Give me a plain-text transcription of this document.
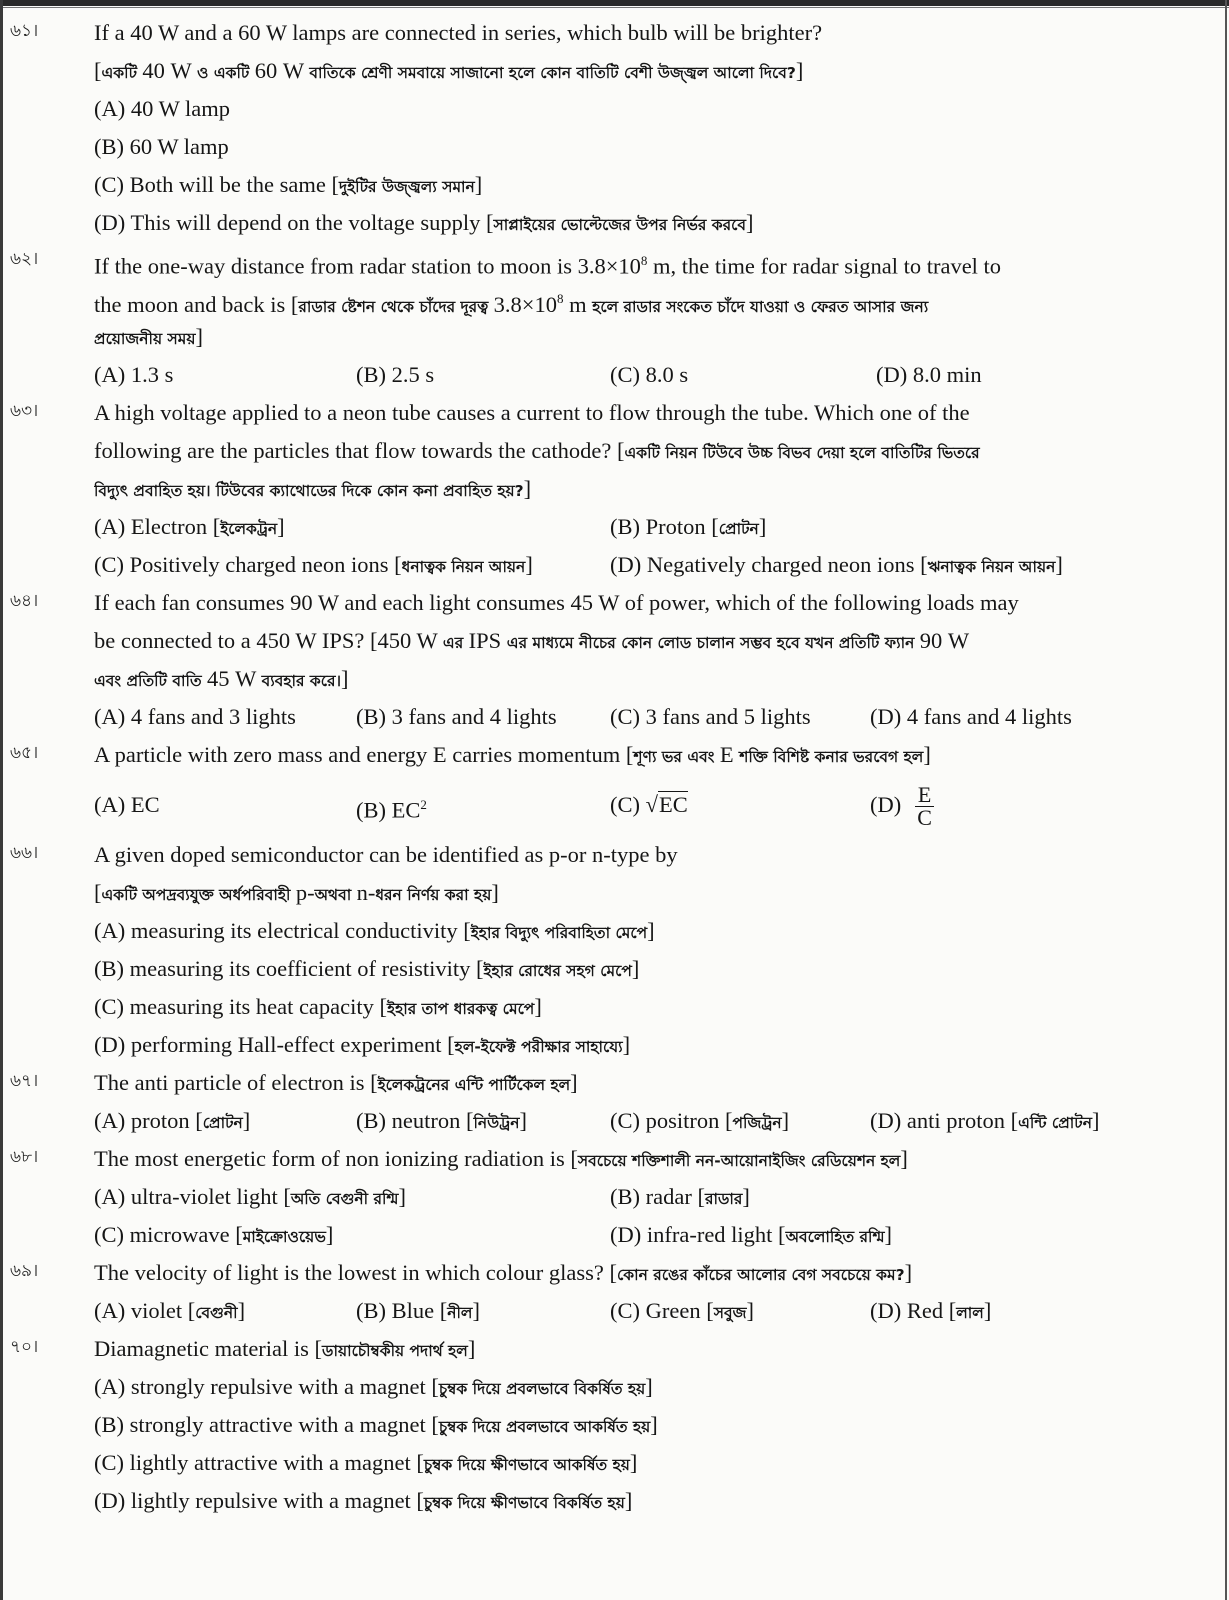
৬১।	If a 40 W and a 60 W lamps are connected in series, which bulb will be brighter?
[একটি 40 W ও একটি 60 W বাতিকে শ্রেণী সমবায়ে সাজানো হলে কোন বাতিটি বেশী উজ্জ্বল আলো দিবে?]
(A) 40 W lamp
(B) 60 W lamp
(C) Both will be the same [দুইটির উজ্জ্বল্য সমান]
(D) This will depend on the voltage supply [সাপ্লাইয়ের ভোল্টেজের উপর নির্ভর করবে]
৬২।	If the one-way distance from radar station to moon is $3.8\times 10^8$ m, the time for radar signal to travel to
the moon and back is [রাডার ষ্টেশন থেকে চাঁদের দূরত্ব $3.8\times 10^8$ m হলে রাডার সংকেত চাঁদে যাওয়া ও ফেরত আসার জন্য
প্রয়োজনীয় সময়]
(A) 1.3 s	(B) 2.5 s	(C) 8.0 s	(D) 8.0 min
৬৩।	A high voltage applied to a neon tube causes a current to flow through the tube. Which one of the
following are the particles that flow towards the cathode? [একটি নিয়ন টিউবে উচ্চ বিভব দেয়া হলে বাতিটির ভিতরে
বিদ্যুৎ প্রবাহিত হয়। টিউবের ক্যাথোডের দিকে কোন কনা প্রবাহিত হয়?]
(A) Electron [ইলেকট্রন]	(B) Proton [প্রোটন]
(C) Positively charged neon ions [ধনাত্বক নিয়ন আয়ন]	(D) Negatively charged neon ions [ঋনাত্বক নিয়ন আয়ন]
৬৪।	If each fan consumes 90 W and each light consumes 45 W of power, which of the following loads may
be connected to a 450 W IPS? [450 W এর IPS এর মাধ্যমে নীচের কোন লোড চালান সম্ভব হবে যখন প্রতিটি ফ্যান 90 W
এবং প্রতিটি বাতি 45 W ব্যবহার করে।]
(A) 4 fans and 3 lights	(B) 3 fans and 4 lights (C) 3 fans and 5 lights	(D) 4 fans and 4 lights
৬৫।	A particle with zero mass and energy E carries momentum [শূণ্য ভর এবং E শক্তি বিশিষ্ট কনার ভরবেগ হল]
(A) EC	(B) $EC^2$	(C) √EC	$(D) \frac{E}{C}$
৬৬।	A given doped semiconductor can be identified as p-or n-type by
[একটি অপদ্রব্যযুক্ত অর্ধপরিবাহী p-অথবা n-ধরন নির্ণয় করা হয়]
(A) measuring its electrical conductivity [ইহার বিদ্যুৎ পরিবাহিতা মেপে]
(B) measuring its coefficient of resistivity [ইহার রোধের সহগ মেপে]
(C) measuring its heat capacity [ইহার তাপ ধারকত্ব মেপে]
(D) performing Hall-effect experiment [হল-ইফেক্ট পরীক্ষার সাহায্যে]
৬৭।	The anti particle of electron is [ইলেকট্রনের এন্টি পার্টিকেল হল]
(A) proton [প্রোটন]	(B) neutron [নিউট্রন]	(C) positron [পজিট্রন]	(D) anti proton [এন্টি প্রোটন]
৬৮।	The most energetic form of non ionizing radiation is [সবচেয়ে শক্তিশালী নন-আয়োনাইজিং রেডিয়েশন হল]
(A) ultra-violet light [অতি বেগুনী রশ্মি]	(B) radar [রাডার]
(C) microwave [মাইক্রোওয়েভ]	(D) infra-red light [অবলোহিত রশ্মি]
৬৯।	The velocity of light is the lowest in which colour glass? [কোন রঙের কাঁচের আলোর বেগ সবচেয়ে কম?]
(A) violet [বেগুনী]	(B) Blue [নীল]	(C) Green [সবুজ]	(D) Red [লাল]
৭০।	Diamagnetic material is [ডায়াচৌম্বকীয় পদার্থ হল]
(A) strongly repulsive with a magnet [চুম্বক দিয়ে প্রবলভাবে বিকর্ষিত হয়]
(B) strongly attractive with a magnet [চুম্বক দিয়ে প্রবলভাবে আকর্ষিত হয়]
(C) lightly attractive with a magnet [চুম্বক দিয়ে ক্ষীণভাবে আকর্ষিত হয়]
(D) lightly repulsive with a magnet [চুম্বক দিয়ে ক্ষীণভাবে বিকর্ষিত হয়]
